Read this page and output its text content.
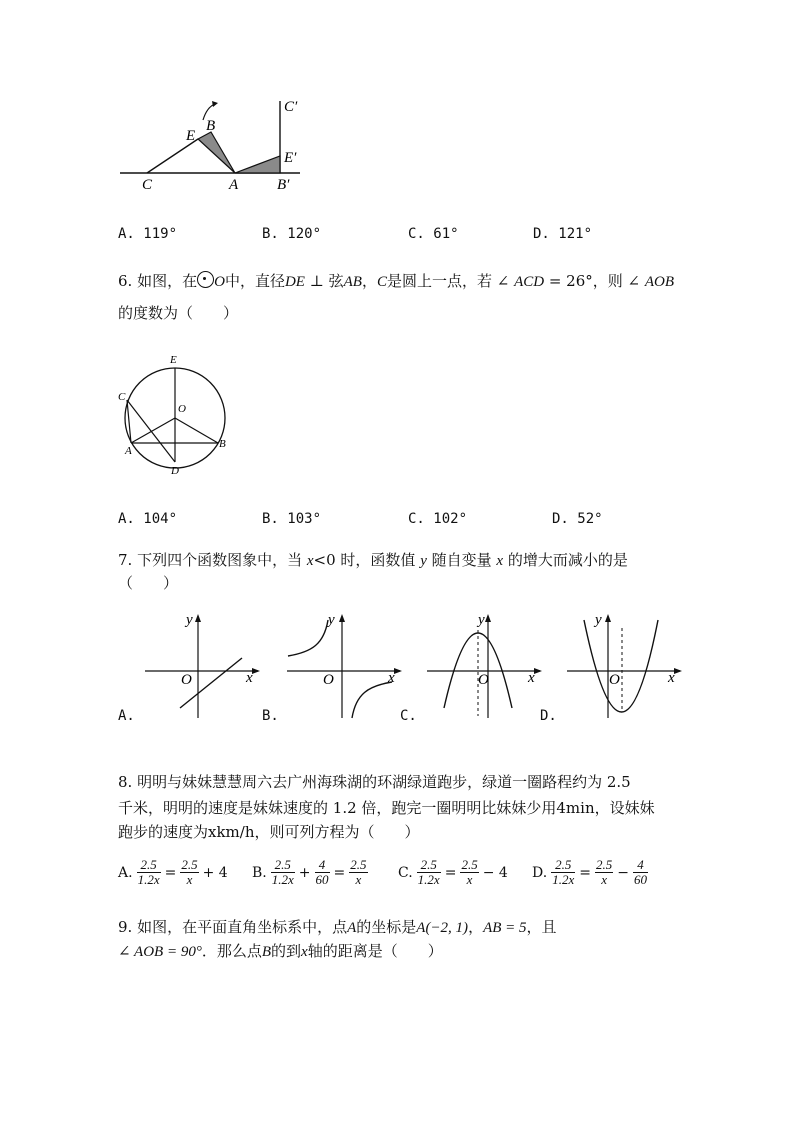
C
E
B
A
C′
E′
B′
A. 119°	B. 120°	C. 61°	D. 121°
6. 如图，在 O中，直径DE ⊥ 弦AB，C是圆上一点，若 ∠ ACD = 26°，则 ∠ AOB
的度数为（　　）
E
C
O
A
D
B
A. 104°	B. 103°	C. 102°	D. 52°
7. 下列四个函数图象中，当 x<0 时，函数值 y 随自变量 x 的增大而减小的是
（　　）
y
x
O
A.
y
x
O
B.
y
x
O
C.
y
x
O
D.
8. 明明与妹妹慧慧周六去广州海珠湖的环湖绿道跑步，绿道一圈路程约为 2.5
千米，明明的速度是妹妹速度的 1.2 倍，跑完一圈明明比妹妹少用4min，设妹妹
跑步的速度为xkm/h，则可列方程为（　　）
A. $\frac{2.5}{1.2x} = \frac{2.5}{x} + 4$ B. $\frac{2.5}{1.2x} + \frac{4}{60} = \frac{2.5}{x} C$. $\frac{2.5}{1.2x} = \frac{2.5}{x} - 4$ D. $\frac{2.5}{1.2x} = \frac{2.5}{x} - \frac{4}{60}$
9. 如图，在平面直角坐标系中，点A的坐标是A(−2, 1)，AB = 5，且
∠ AOB = 90°．那么点B的到x轴的距离是（　　）
